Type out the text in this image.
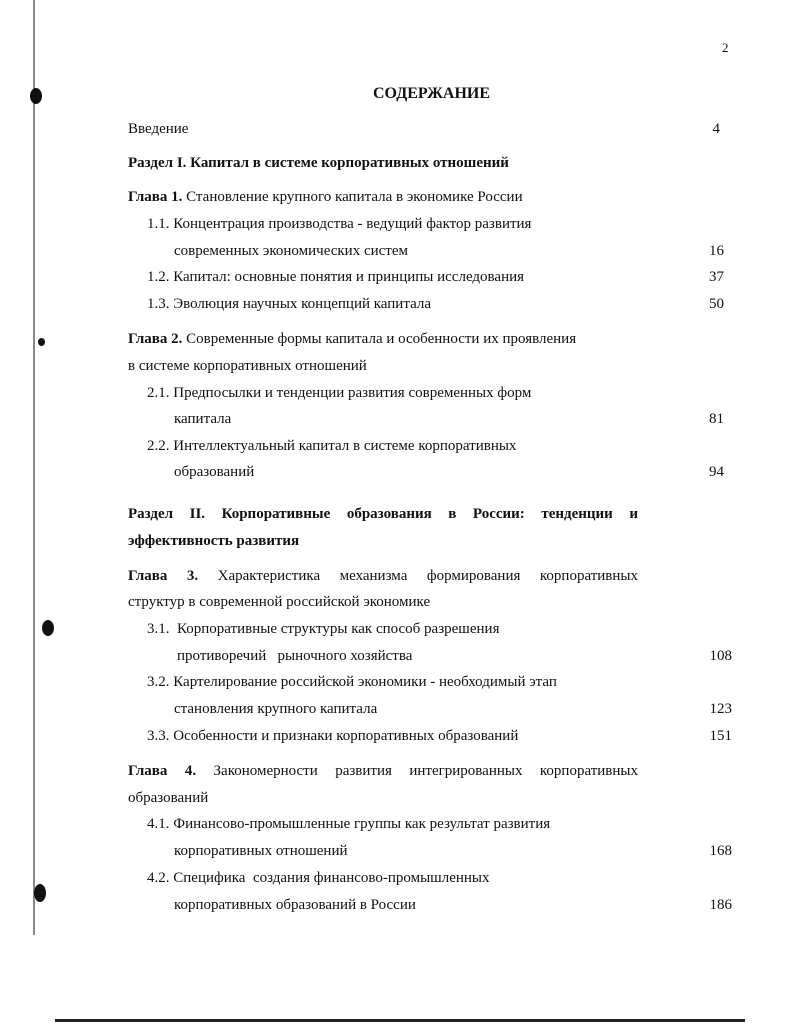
2
СОДЕРЖАНИЕ
Введение	4
Раздел I. Капитал в системе корпоративных отношений
Глава 1. Становление крупного капитала в экономике России
1.1. Концентрация производства - ведущий фактор развития
современных экономических систем	16
1.2. Капитал: основные понятия и принципы исследования	37
1.3. Эволюция научных концепций капитала	50
Глава 2. Современные формы капитала и особенности их проявления
в системе корпоративных отношений
2.1. Предпосылки и тенденции развития современных форм
капитала	81
2.2. Интеллектуальный капитал в системе корпоративных
образований	94
Раздел II. Корпоративные образования в России: тенденции и
эффективность развития
Глава 3. Характеристика механизма формирования корпоративных
структур в современной российской экономике
3.1.  Корпоративные структуры как способ разрешения
противоречий   рыночного хозяйства	108
3.2. Картелирование российской экономики - необходимый этап
становления крупного капитала	123
3.3. Особенности и признаки корпоративных образований	151
Глава 4. Закономерности развития интегрированных корпоративных
образований
4.1. Финансово-промышленные группы как результат развития
корпоративных отношений	168
4.2. Специфика  создания финансово-промышленных
корпоративных образований в России	186
